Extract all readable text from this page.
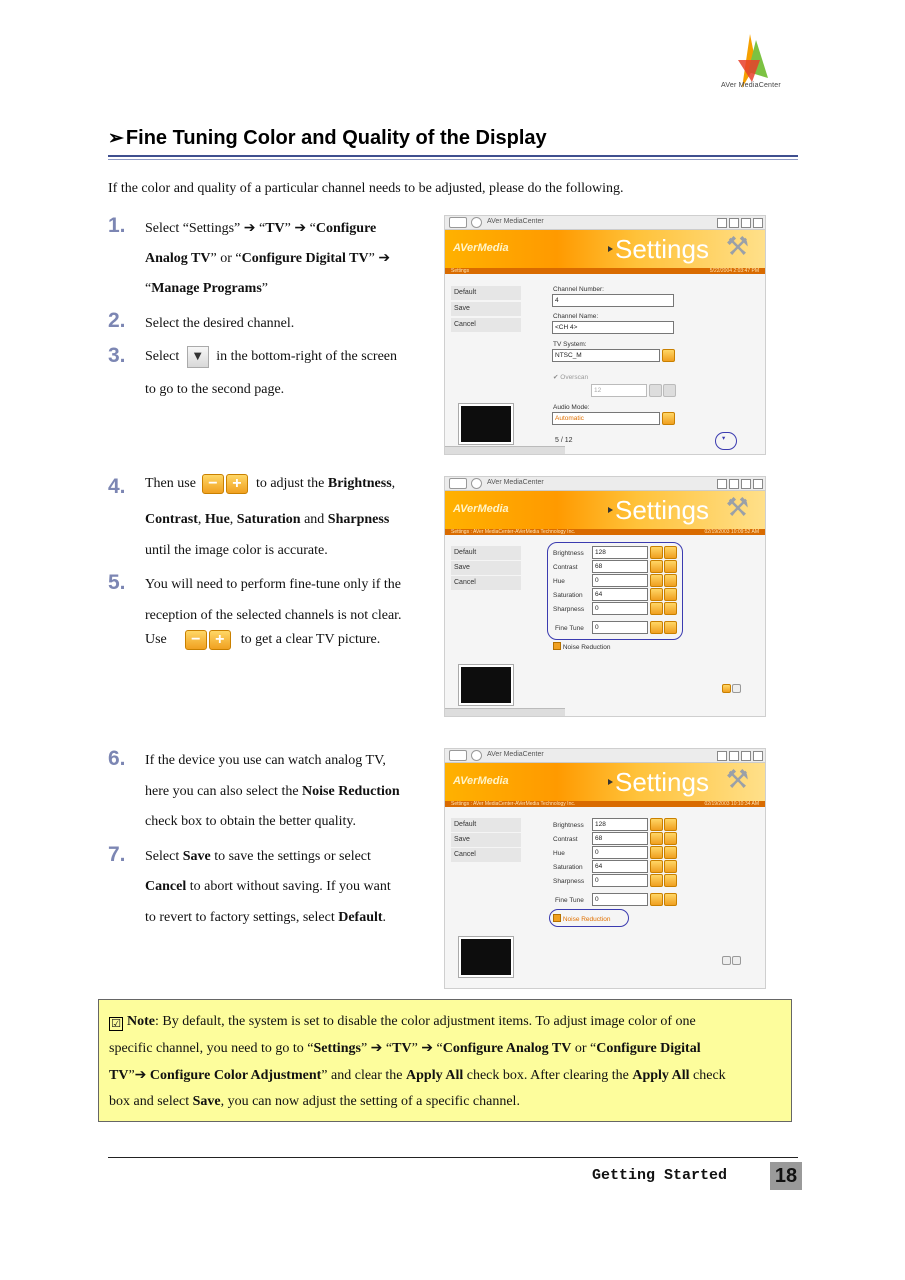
AVer MediaCenter
➢ Fine Tuning Color and Quality of the Display
If the color and quality of a particular channel needs to be adjusted, please do the following.
1. Select “Settings” ➔ “TV” ➔ “Configure
Analog TV” or “Configure Digital TV” ➔
“Manage Programs”
2. Select the desired channel.
3. Select ▼ in the bottom-right of the screen
to go to the second page.
AVer MediaCenter
AVerMedia	Settings ⚒
Settings	5/22/2004 2:03:47 PM
Default
Save
Cancel
Channel Number:
4
Channel Name:
<CH 4>
TV System:
NTSC_M
✔ Overscan
12
Audio Mode:
Automatic
5 / 12	▾
4. Then use − + to adjust the Brightness,
Contrast, Hue, Saturation and Sharpness
until the image color is accurate.
5. You will need to perform fine-tune only if the
reception of the selected channels is not clear.
Use − + to get a clear TV picture.
AVer MediaCenter
AVerMedia	Settings ⚒
Settings : AVer MediaCenter-AVerMedia Technology Inc.	02/19/2003 10:09:52 AM
Default
Save
Cancel
Brightness	128
Contrast	68
Hue	0
Saturation	64
Sharpness	0
Fine Tune	0
Noise Reduction
6. If the device you use can watch analog TV,
here you can also select the Noise Reduction
check box to obtain the better quality.
7. Select Save to save the settings or select
Cancel to abort without saving. If you want
to revert to factory settings, select Default.
AVer MediaCenter
AVerMedia	Settings ⚒
Settings : AVer MediaCenter-AVerMedia Technology Inc.	02/19/2003 10:10:34 AM
Default
Save
Cancel
Brightness	128
Contrast	68
Hue	0
Saturation	64
Sharpness	0
Fine Tune	0
Noise Reduction
☑ Note: By default, the system is set to disable the color adjustment items. To adjust image color of one
specific channel, you need to go to “Settings” ➔ “TV” ➔ “Configure Analog TV or “Configure Digital
TV”➔ Configure Color Adjustment” and clear the Apply All check box. After clearing the Apply All check
box and select Save, you can now adjust the setting of a specific channel.
Getting Started 18
